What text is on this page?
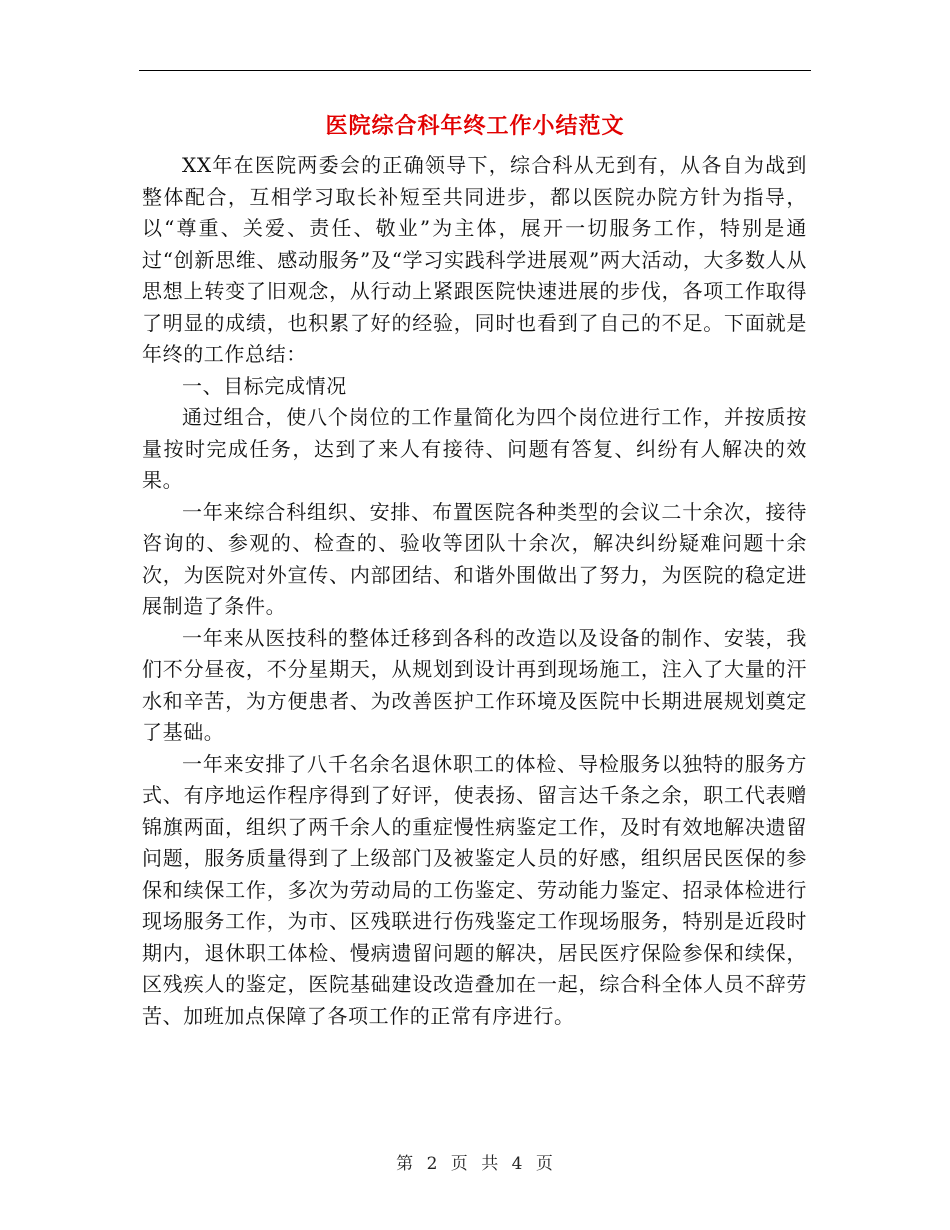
医院综合科年终工作小结范文

XX年在医院两委会的正确领导下，综合科从无到有，从各自为战到整体配合，互相学习取长补短至共同进步，都以医院办院方针为指导，以“尊重、关爱、责任、敬业”为主体，展开一切服务工作，特别是通过“创新思维、感动服务”及“学习实践科学进展观”两大活动，大多数人从思想上转变了旧观念，从行动上紧跟医院快速进展的步伐，各项工作取得了明显的成绩，也积累了好的经验，同时也看到了自己的不足。下面就是年终的工作总结：

一、目标完成情况

通过组合，使八个岗位的工作量简化为四个岗位进行工作，并按质按量按时完成任务，达到了来人有接待、问题有答复、纠纷有人解决的效果。

一年来综合科组织、安排、布置医院各种类型的会议二十余次，接待咨询的、参观的、检查的、验收等团队十余次，解决纠纷疑难问题十余次，为医院对外宣传、内部团结、和谐外围做出了努力，为医院的稳定进展制造了条件。

一年来从医技科的整体迁移到各科的改造以及设备的制作、安装，我们不分昼夜，不分星期天，从规划到设计再到现场施工，注入了大量的汗水和辛苦，为方便患者、为改善医护工作环境及医院中长期进展规划奠定了基础。

一年来安排了八千名余名退休职工的体检、导检服务以独特的服务方式、有序地运作程序得到了好评，使表扬、留言达千条之余，职工代表赠锦旗两面，组织了两千余人的重症慢性病鉴定工作，及时有效地解决遗留问题，服务质量得到了上级部门及被鉴定人员的好感，组织居民医保的参保和续保工作，多次为劳动局的工伤鉴定、劳动能力鉴定、招录体检进行现场服务工作，为市、区残联进行伤残鉴定工作现场服务，特别是近段时期内，退休职工体检、慢病遗留问题的解决，居民医疗保险参保和续保，区残疾人的鉴定，医院基础建设改造叠加在一起，综合科全体人员不辞劳苦、加班加点保障了各项工作的正常有序进行。

第 2 页 共 4 页
